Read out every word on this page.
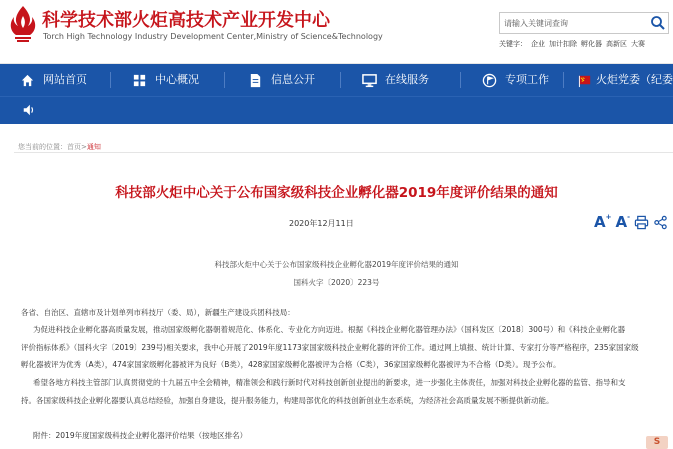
科学技术部火炬高技术产业开发中心
Torch High Technology Industry Development Center,Ministry of Science&Technology
请输入关键词查询
关键字： 企业 加计扣除 孵化器 高新区 大赛
网站首页	中心概况	信息公开	在线服务	专项工作	火炬党委（纪委
您当前的位置：首页>通知
科技部火炬中心关于公布国家级科技企业孵化器2019年度评价结果的通知
2020年12月11日	A + A -
科技部火炬中心关于公布国家级科技企业孵化器2019年度评价结果的通知
国科火字〔2020〕223号
各省、自治区、直辖市及计划单列市科技厅（委、局），新疆生产建设兵团科技局：
为促进科技企业孵化器高质量发展，推动国家级孵化器朝着规范化、体系化、专业化方向迈进。根据《科技企业孵化器管理办法》（国科发区〔2018〕300号）和《科技企业孵化器
评价指标体系》（国科火字〔2019〕239号)相关要求，我中心开展了2019年度1173家国家级科技企业孵化器的评价工作。通过网上填报、统计计算、专家打分等严格程序，235家国家级
孵化器被评为优秀（A类），474家国家级孵化器被评为良好（B类），428家国家级孵化器被评为合格（C类），36家国家级孵化器被评为不合格（D类）。现予公布。
希望各地方科技主管部门认真贯彻党的十九届五中全会精神，精准领会和践行新时代对科技创新创业提出的新要求，进一步强化主体责任，加强对科技企业孵化器的监管、指导和支
持。各国家级科技企业孵化器要认真总结经验，加强自身建设，提升服务能力，构建局部优化的科技创新创业生态系统，为经济社会高质量发展不断提供新动能。
附件：2019年度国家级科技企业孵化器评价结果（按地区排名）
S
